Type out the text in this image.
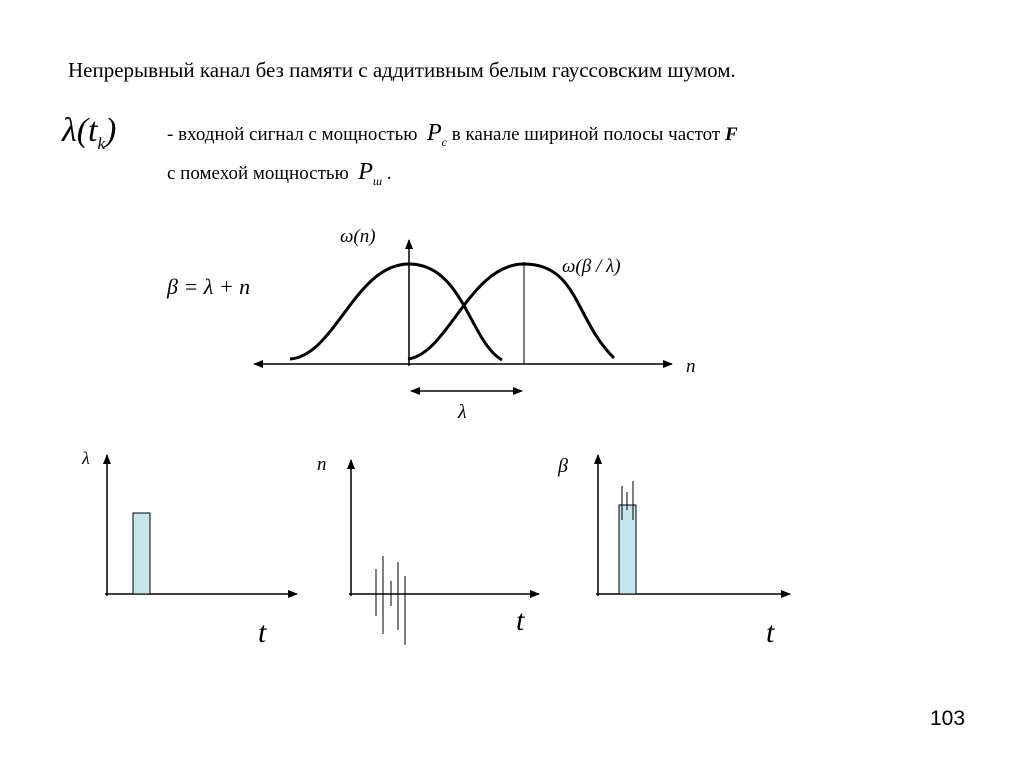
Непрерывный канал без памяти с аддитивным белым гауссовским шумом.
$\lambda(t_k)$	- входной сигнал с мощностью $P_c$ в канале шириной полосы частот F
с помехой мощностью $P_ш$ .
ω(n)
ω(β / λ)
n
λ
β = λ + n
λ
t
n
t
β
t
103
